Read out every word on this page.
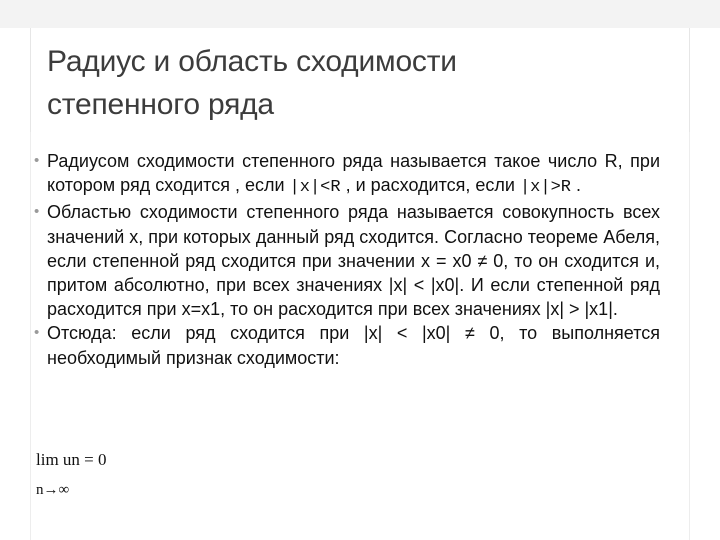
Радиус и область сходимости
степенного ряда

• Радиусом сходимости степенного ряда называется такое число R, при котором ряд сходится , если |x|<R , и расходится, если |x|>R .

• Областью сходимости степенного ряда называется совокупность всех значений x, при которых данный ряд сходится. Согласно теореме Абеля, если степенной ряд сходится при значении x = x0 ≠ 0, то он сходится и, притом абсолютно, при всех значениях |x| < |x0|. И если степенной ряд расходится при x=x1, то он расходится при всех значениях |x| > |x1|.

• Отсюда: если ряд сходится при |x| < |x0| ≠ 0, то выполняется необходимый признак сходимости:

lim un = 0
n→∞
